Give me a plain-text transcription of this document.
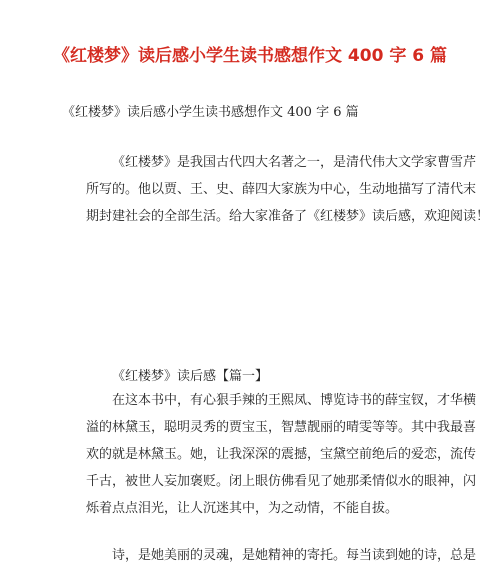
《红楼梦》读后感小学生读书感想作文 400 字 6 篇

《红楼梦》读后感小学生读书感想作文 400 字 6 篇

《红楼梦》是我国古代四大名著之一，是清代伟大文学家曹雪芹
所写的。他以贾、王、史、薛四大家族为中心，生动地描写了清代末
期封建社会的全部生活。给大家准备了《红楼梦》读后感，欢迎阅读！

《红楼梦》读后感【篇一】

在这本书中，有心狠手辣的王熙凤、博览诗书的薛宝钗，才华横
溢的林黛玉，聪明灵秀的贾宝玉，智慧靓丽的晴雯等等。其中我最喜
欢的就是林黛玉。她，让我深深的震撼，宝黛空前绝后的爱恋，流传
千古，被世人妄加褒贬。闭上眼仿佛看见了她那柔情似水的眼神，闪
烁着点点泪光，让人沉迷其中，为之动情，不能自拔。

诗，是她美丽的灵魂，是她精神的寄托。每当读到她的诗，总是
